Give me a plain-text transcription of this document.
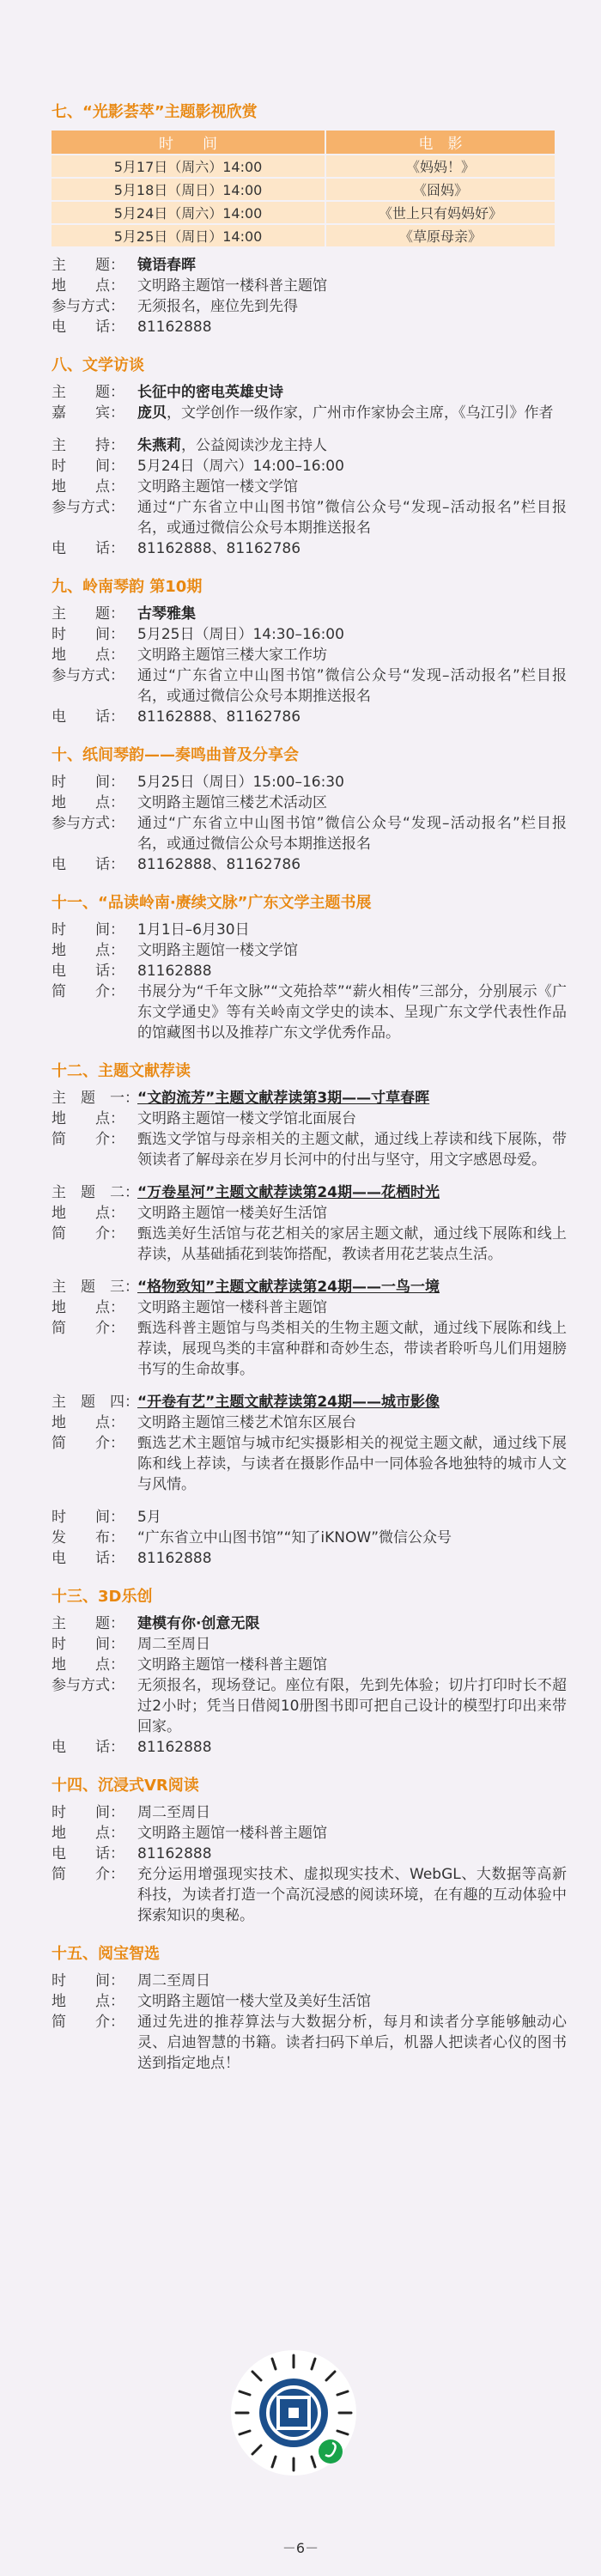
七、“光影荟萃”主题影视欣赏
时　　间	电　影
5月17日（周六）14:00	《妈妈！》
5月18日（周日）14:00	《囧妈》
5月24日（周六）14:00	《世上只有妈妈好》
5月25日（周日）14:00	《草原母亲》
主　　题： 镜语春晖
地　　点： 文明路主题馆一楼科普主题馆
参与方式： 无须报名，座位先到先得
电　　话： 81162888
八、文学访谈
主　　题： 长征中的密电英雄史诗
嘉　　宾： 庞贝，文学创作一级作家，广州市作家协会主席，《乌江引》作者
主　　持： 朱燕莉，公益阅读沙龙主持人
时　　间： 5月24日（周六）14:00–16:00
地　　点： 文明路主题馆一楼文学馆
参与方式： 通过“广东省立中山图书馆”微信公众号“发现–活动报名”栏目报名，或通过微信公众号本期推送报名
电　　话： 81162888、81162786
九、岭南琴韵 第10期
主　　题： 古琴雅集
时　　间： 5月25日（周日）14:30–16:00
地　　点： 文明路主题馆三楼大家工作坊
参与方式： 通过“广东省立中山图书馆”微信公众号“发现–活动报名”栏目报名，或通过微信公众号本期推送报名
电　　话： 81162888、81162786
十、纸间琴韵——奏鸣曲普及分享会
时　　间： 5月25日（周日）15:00–16:30
地　　点： 文明路主题馆三楼艺术活动区
参与方式： 通过“广东省立中山图书馆”微信公众号“发现–活动报名”栏目报名，或通过微信公众号本期推送报名
电　　话： 81162888、81162786
十一、“品读岭南·赓续文脉”广东文学主题书展
时　　间： 1月1日–6月30日
地　　点： 文明路主题馆一楼文学馆
电　　话： 81162888
简　　介： 书展分为“千年文脉”“文苑拾萃”“薪火相传”三部分，分别展示《广东文学通史》等有关岭南文学史的读本、呈现广东文学代表性作品的馆藏图书以及推荐广东文学优秀作品。
十二、主题文献荐读
主　题　一：
“文韵流芳”主题文献荐读第3期——寸草春晖
地　　点： 文明路主题馆一楼文学馆北面展台
简　　介： 甄选文学馆与母亲相关的主题文献，通过线上荐读和线下展陈，带领读者了解母亲在岁月长河中的付出与坚守，用文字感恩母爱。
主　题　二：
“万卷星河”主题文献荐读第24期——花栖时光
地　　点： 文明路主题馆一楼美好生活馆
简　　介： 甄选美好生活馆与花艺相关的家居主题文献，通过线下展陈和线上荐读，从基础插花到装饰搭配，教读者用花艺装点生活。
主　题　三：
“格物致知”主题文献荐读第24期——一鸟一境
地　　点： 文明路主题馆一楼科普主题馆
简　　介： 甄选科普主题馆与鸟类相关的生物主题文献，通过线下展陈和线上荐读，展现鸟类的丰富种群和奇妙生态，带读者聆听鸟儿们用翅膀书写的生命故事。
主　题　四：
“开卷有艺”主题文献荐读第24期——城市影像
地　　点： 文明路主题馆三楼艺术馆东区展台
简　　介： 甄选艺术主题馆与城市纪实摄影相关的视觉主题文献，通过线下展陈和线上荐读，与读者在摄影作品中一同体验各地独特的城市人文与风情。
时　　间： 5月
发　　布： “广东省立中山图书馆”“知了iKNOW”微信公众号
电　　话： 81162888
十三、3D乐创
主　　题： 建模有你·创意无限
时　　间： 周二至周日
地　　点： 文明路主题馆一楼科普主题馆
参与方式： 无须报名，现场登记。座位有限，先到先体验；切片打印时长不超过2小时；凭当日借阅10册图书即可把自己设计的模型打印出来带回家。
电　　话： 81162888
十四、沉浸式VR阅读
时　　间： 周二至周日
地　　点： 文明路主题馆一楼科普主题馆
电　　话： 81162888
简　　介： 充分运用增强现实技术、虚拟现实技术、WebGL、大数据等高新科技，为读者打造一个高沉浸感的阅读环境，在有趣的互动体验中探索知识的奥秘。
十五、阅宝智选
时　　间： 周二至周日
地　　点： 文明路主题馆一楼大堂及美好生活馆
简　　介： 通过先进的推荐算法与大数据分析，每月和读者分享能够触动心灵、启迪智慧的书籍。读者扫码下单后，机器人把读者心仪的图书送到指定地点！
－6－
